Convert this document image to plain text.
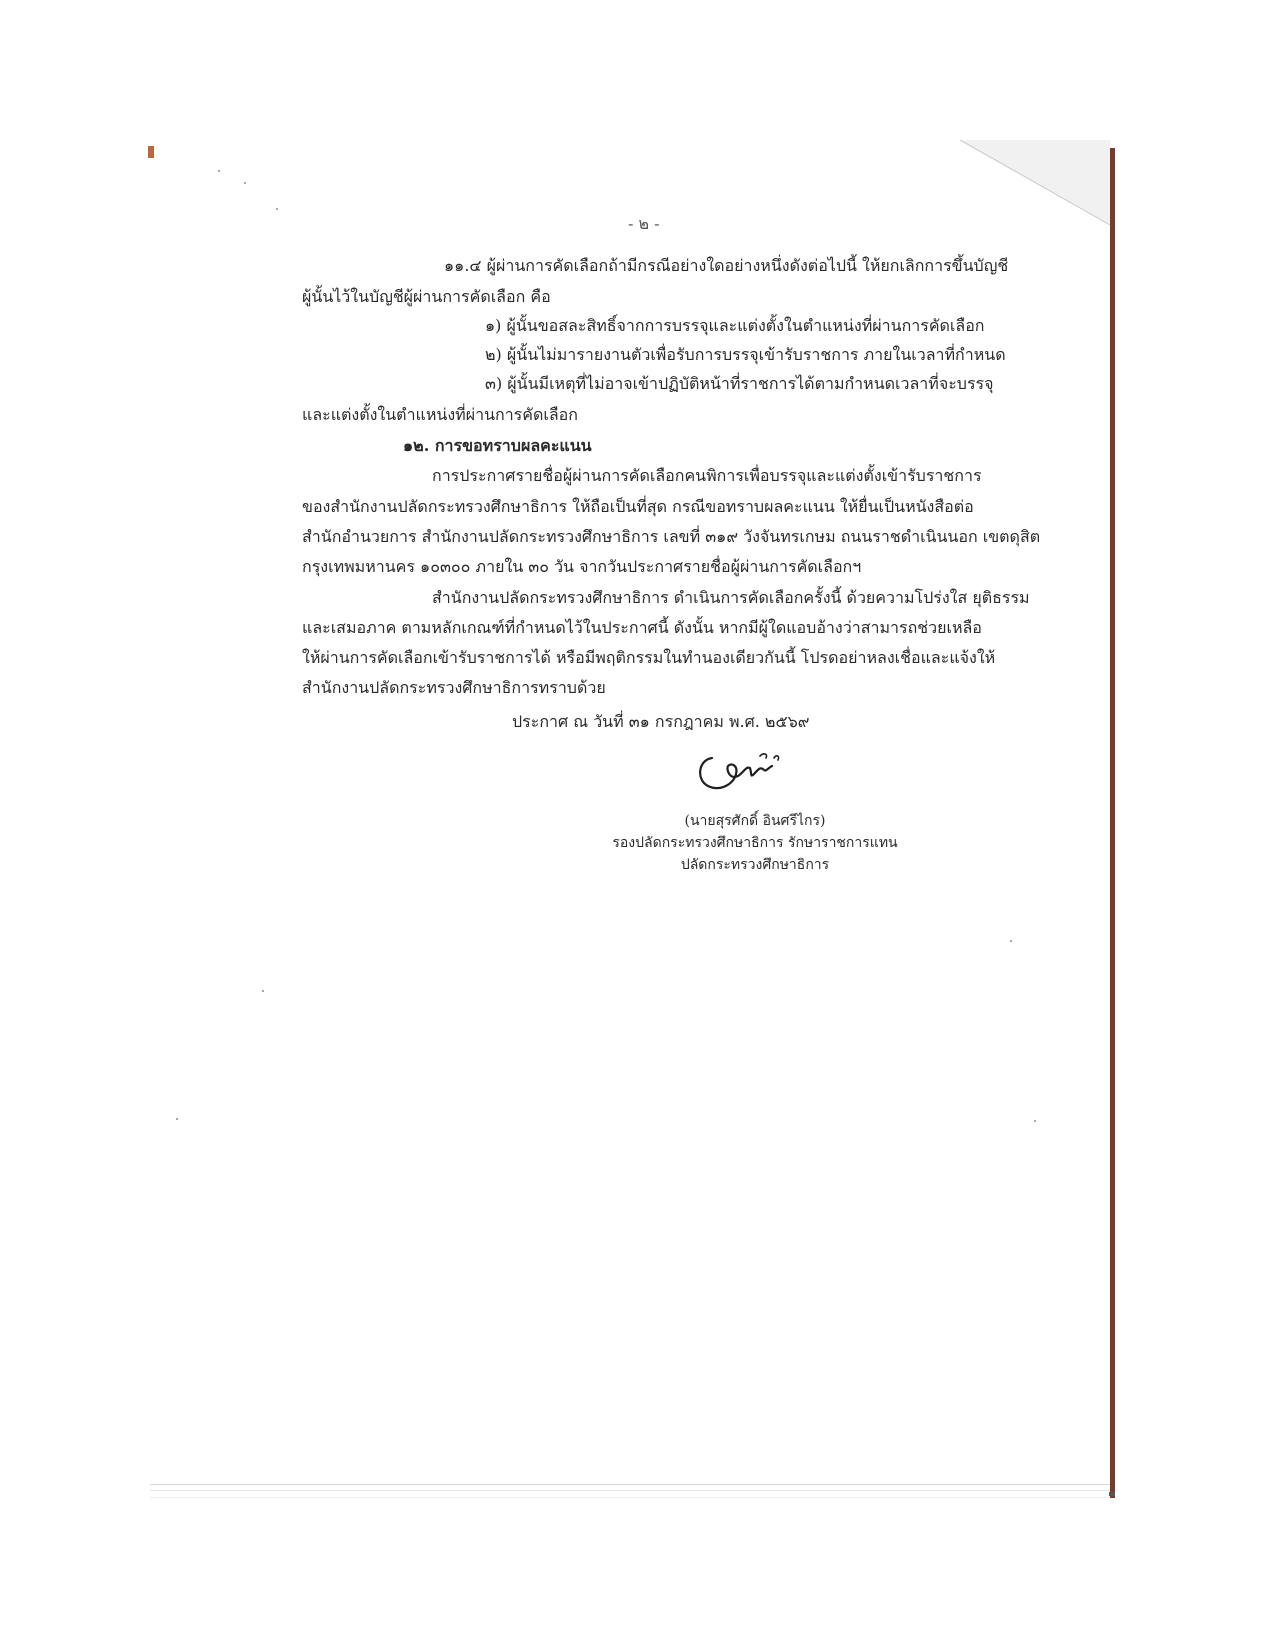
- ๒ -
๑๑.๔ ผู้ผ่านการคัดเลือกถ้ามีกรณีอย่างใดอย่างหนึ่งดังต่อไปนี้ ให้ยกเลิกการขึ้นบัญชี
ผู้นั้นไว้ในบัญชีผู้ผ่านการคัดเลือก คือ
๑) ผู้นั้นขอสละสิทธิ์จากการบรรจุและแต่งตั้งในตำแหน่งที่ผ่านการคัดเลือก
๒) ผู้นั้นไม่มารายงานตัวเพื่อรับการบรรจุเข้ารับราชการ ภายในเวลาที่กำหนด
๓) ผู้นั้นมีเหตุที่ไม่อาจเข้าปฏิบัติหน้าที่ราชการได้ตามกำหนดเวลาที่จะบรรจุ
และแต่งตั้งในตำแหน่งที่ผ่านการคัดเลือก
๑๒. การขอทราบผลคะแนน
การประกาศรายชื่อผู้ผ่านการคัดเลือกคนพิการเพื่อบรรจุและแต่งตั้งเข้ารับราชการ
ของสำนักงานปลัดกระทรวงศึกษาธิการ ให้ถือเป็นที่สุด กรณีขอทราบผลคะแนน ให้ยื่นเป็นหนังสือต่อ
สำนักอำนวยการ สำนักงานปลัดกระทรวงศึกษาธิการ เลขที่ ๓๑๙ วังจันทรเกษม ถนนราชดำเนินนอก เขตดุสิต
กรุงเทพมหานคร ๑๐๓๐๐ ภายใน ๓๐ วัน จากวันประกาศรายชื่อผู้ผ่านการคัดเลือกฯ
สำนักงานปลัดกระทรวงศึกษาธิการ ดำเนินการคัดเลือกครั้งนี้ ด้วยความโปร่งใส ยุติธรรม
และเสมอภาค ตามหลักเกณฑ์ที่กำหนดไว้ในประกาศนี้ ดังนั้น หากมีผู้ใดแอบอ้างว่าสามารถช่วยเหลือ
ให้ผ่านการคัดเลือกเข้ารับราชการได้ หรือมีพฤติกรรมในทำนองเดียวกันนี้ โปรดอย่าหลงเชื่อและแจ้งให้
สำนักงานปลัดกระทรวงศึกษาธิการทราบด้วย
ประกาศ ณ วันที่ ๓๑ กรกฎาคม พ.ศ. ๒๕๖๙
(นายสุรศักดิ์ อินศรีไกร)
รองปลัดกระทรวงศึกษาธิการ รักษาราชการแทน
ปลัดกระทรวงศึกษาธิการ
